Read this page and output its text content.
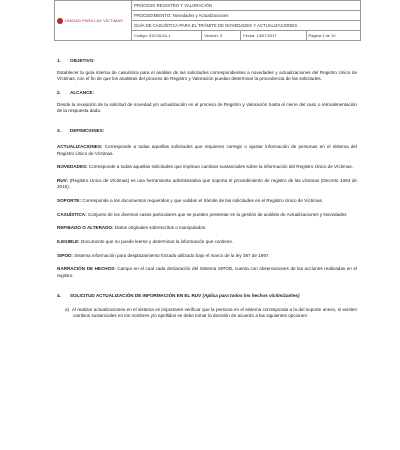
UNIDAD PARA LAS VÍCTIMAS	PROCESO REGISTRO Y VALORACIÓN			
	PROCEDIMIENTO: Novedades y Actualizaciones			
	GUÍA DE CASUÍSTICA PARA EL TRÁMITE DE NOVEDADES Y ACTUALIZACIONES			
	Código: 510.05.04-1	Versión: 3	Fecha: 14/07/2017	Página 1 de 10
1. OBJETIVO:

Establecer la guía interna de casuística para el análisis de las solicitudes correspondientes a novedades y actualizaciones del Registro Único de Víctimas, con el fin de que los analistas del proceso de Registro y Valoración puedan determinar la procedencia de las solicitudes.

2. ALCANCE:

Desde la recepción de la solicitud de novedad y/o actualización en el proceso de Registro y Valoración hasta el cierre del caso o retroalimentación de la respuesta dada.

3. DEFINICIONES:
ACTUALIZACIONES: Corresponde a todas aquellas solicitudes que requieren corregir o ajustar información de personas en el sistema del Registro Único de Víctimas.
NOVEDADES: Corresponde a todas aquellas solicitudes que implican cambios sustanciales sobre la información del Registro Único de Víctimas.
RUV: (Registro Único de Víctimas) es una herramienta administrativa que soporta el procedimiento de registro de las víctimas (Decreto 1084 de 2015).
SOPORTE: Corresponde a los documentos requeridos y que validan el trámite de las solicitudes en el Registro Único de Víctimas.
CASUÍSTICA: Conjunto de los diversos casos particulares que se pueden presentar en la gestión de análisis de Actualizaciones y Novedades
REFIBADO O ALTERADO: Datos originales sobrescritos o manipulados.
ILEGIBLE: Documento que no puede leerse y determinar la información que contiene.
SIPOD: Sistema información para desplazamiento forzado utilizado bajo el marco de la ley 387 de 1997.
NARRACIÓN DE HECHOS: Campo en el cual cada declaración del Sistema SIPOD, cuenta con observaciones de las acciones realizadas en el registro.
4. SOLICITUD ACTUALIZACIÓN DE INFORMACIÓN EN EL RUV (Aplica para todos los hechos victimizantes)

a) Al realizar actualizaciones en el sistema es importante verificar que la persona en el sistema corresponda a la del soporte anexo, si existen cambios sustanciales en los nombres y/o apellidos se debe tomar la decisión de acuerdo a las siguientes opciones:
